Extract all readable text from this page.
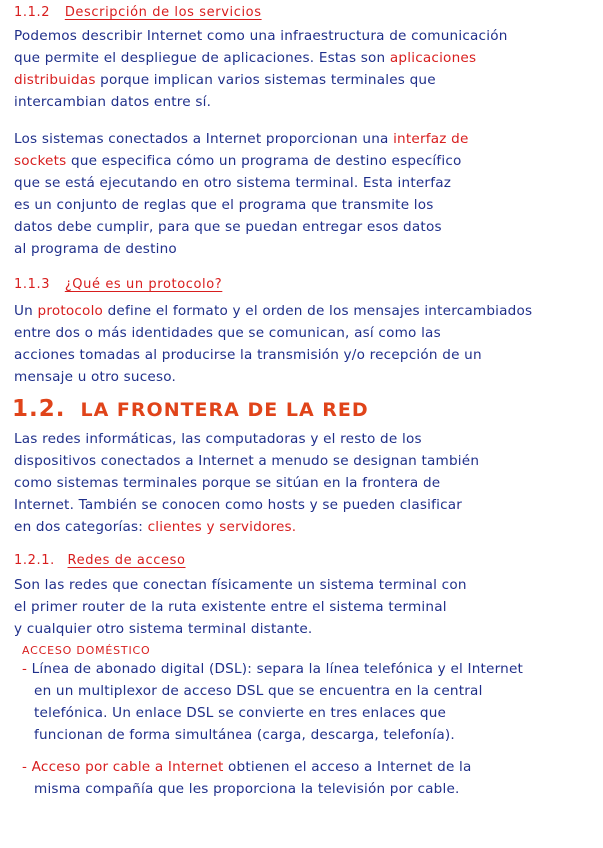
1.1.2 Descripción de los servicios
Podemos describir Internet como una infraestructura de comunicación
que permite el despliegue de aplicaciones. Estas son aplicaciones
distribuidas porque implican varios sistemas terminales que
intercambian datos entre sí.
Los sistemas conectados a Internet proporcionan una interfaz de
sockets que especifica cómo un programa de destino específico
que se está ejecutando en otro sistema terminal. Esta interfaz
es un conjunto de reglas que el programa que transmite los
datos debe cumplir, para que se puedan entregar esos datos
al programa de destino
1.1.3 ¿Qué es un protocolo?
Un protocolo define el formato y el orden de los mensajes intercambiados
entre dos o más identidades que se comunican, así como las
acciones tomadas al producirse la transmisión y/o recepción de un
mensaje u otro suceso.
1.2. LA FRONTERA DE LA RED
Las redes informáticas, las computadoras y el resto de los
dispositivos conectados a Internet a menudo se designan también
como sistemas terminales porque se sitúan en la frontera de
Internet. También se conocen como hosts y se pueden clasificar
en dos categorías: clientes y servidores.
1.2.1. Redes de acceso
Son las redes que conectan físicamente un sistema terminal con
el primer router de la ruta existente entre el sistema terminal
y cualquier otro sistema terminal distante.
ACCESO DOMÉSTICO
- Línea de abonado digital (DSL): separa la línea telefónica y el Internet
en un multiplexor de acceso DSL que se encuentra en la central
telefónica. Un enlace DSL se convierte en tres enlaces que
funcionan de forma simultánea (carga, descarga, telefonía).
- Acceso por cable a Internet obtienen el acceso a Internet de la
misma compañía que les proporciona la televisión por cable.
